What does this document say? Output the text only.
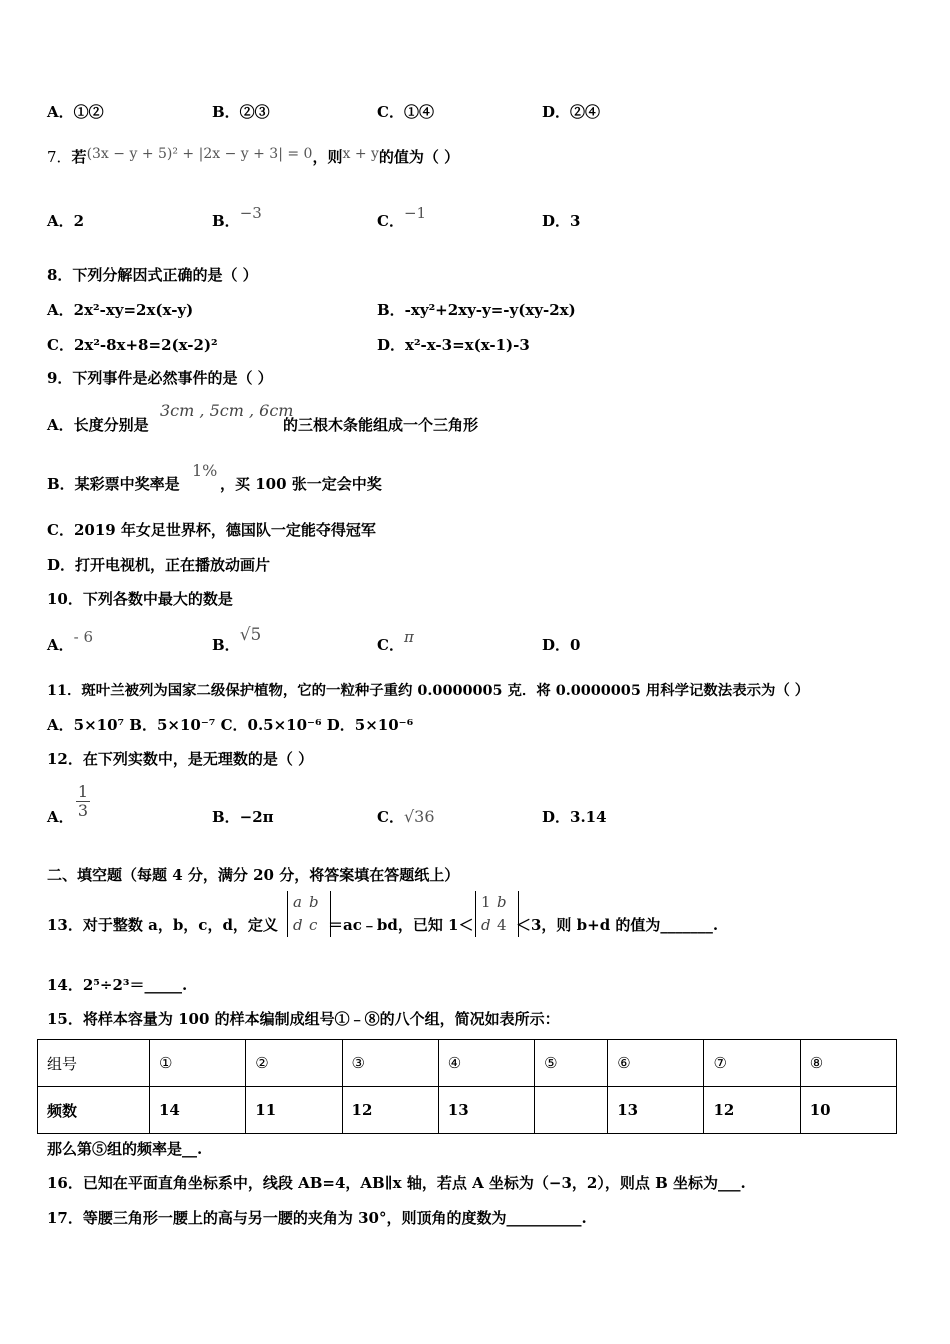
A．①②	B．②③	C．①④	D．②④
7．若(3x − y + 5)² + |2x − y + 3| = 0，则x + y的值为（ ）
A．2	B．−3	C．−1	D．3
8．下列分解因式正确的是（ ）
A．2x²-xy=2x(x-y)	B．-xy²+2xy-y=-y(xy-2x)
C．2x²-8x+8=2(x-2)²	D．x²-x-3=x(x-1)-3
9．下列事件是必然事件的是（ ）
A．长度分别是
3cm , 5cm , 6cm
的三根木条能组成一个三角形
B．某彩票中奖率是
1%
，买 100 张一定会中奖
C．2019 年女足世界杯，德国队一定能夺得冠军
D．打开电视机，正在播放动画片
10．下列各数中最大的数是
A．- 6	B．√5	C．π	D．0
11．斑叶兰被列为国家二级保护植物，它的一粒种子重约 0.0000005 克．将 0.0000005 用科学记数法表示为（ ）
A．5×10⁷ B．5×10⁻⁷ C．0.5×10⁻⁶ D．5×10⁻⁶
12．在下列实数中，是无理数的是（ ）
A． $\frac{1}{3}$	B．−2π	C．√36	D．3.14
二、填空题（每题 4 分，满分 20 分，将答案填在答题纸上）
13．对于整数 a，b，c，d，定义
a b
d c ＝ac﹣bd，已知 1＜
1 b
d 4 ＜3，则 b+d 的值为_______.
14．2⁵÷2³＝_____.
15．将样本容量为 100 的样本编制成组号①﹣⑧的八个组，简况如表所示：
组号	①	②	③	④	⑤	⑥	⑦	⑧
频数	14	11	12	13		13	12	10
那么第⑤组的频率是__.
16．已知在平面直角坐标系中，线段 AB=4，AB∥x 轴，若点 A 坐标为（−3，2），则点 B 坐标为___.
17．等腰三角形一腰上的高与另一腰的夹角为 30°，则顶角的度数为__________.
